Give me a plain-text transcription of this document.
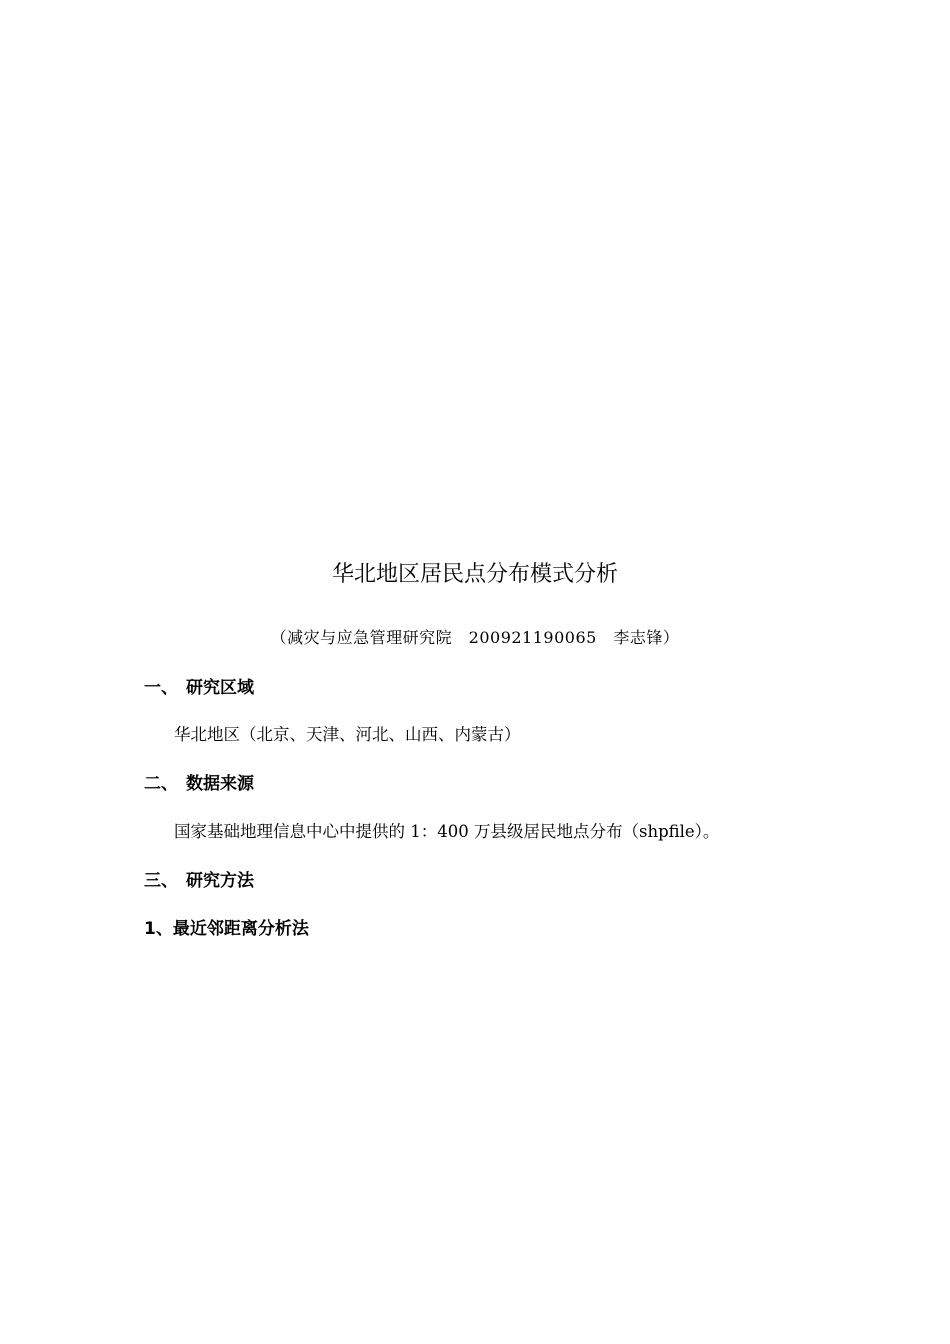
华北地区居民点分布模式分析
（减灾与应急管理研究院　200921190065　李志锋）
一、 研究区域
华北地区（北京、天津、河北、山西、内蒙古）
二、 数据来源
国家基础地理信息中心中提供的 1：400 万县级居民地点分布（shpfile）。
三、 研究方法
1、最近邻距离分析法
